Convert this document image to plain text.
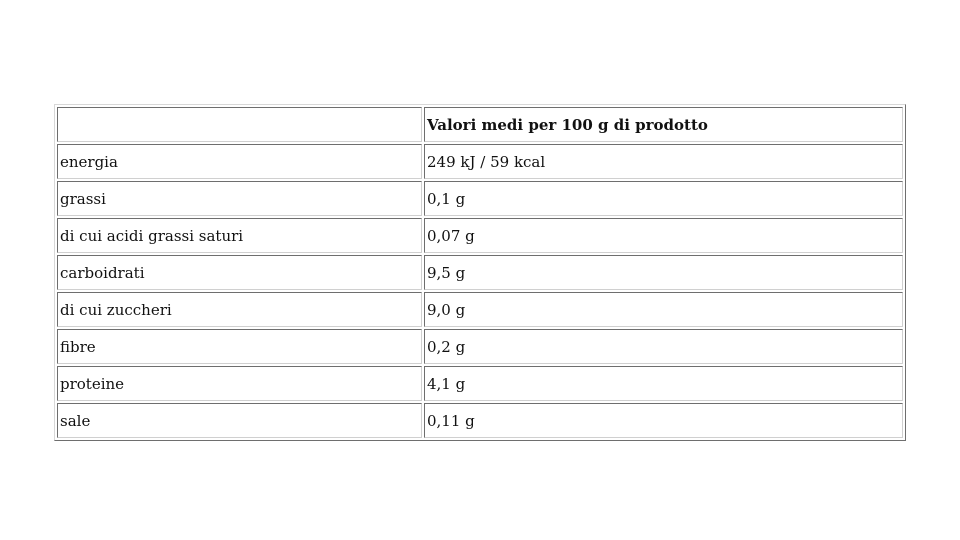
	Valori medi per 100 g di prodotto
energia	249 kJ / 59 kcal
grassi	0,1 g
di cui acidi grassi saturi	0,07 g
carboidrati	9,5 g
di cui zuccheri	9,0 g
fibre	0,2 g
proteine	4,1 g
sale	0,11 g
